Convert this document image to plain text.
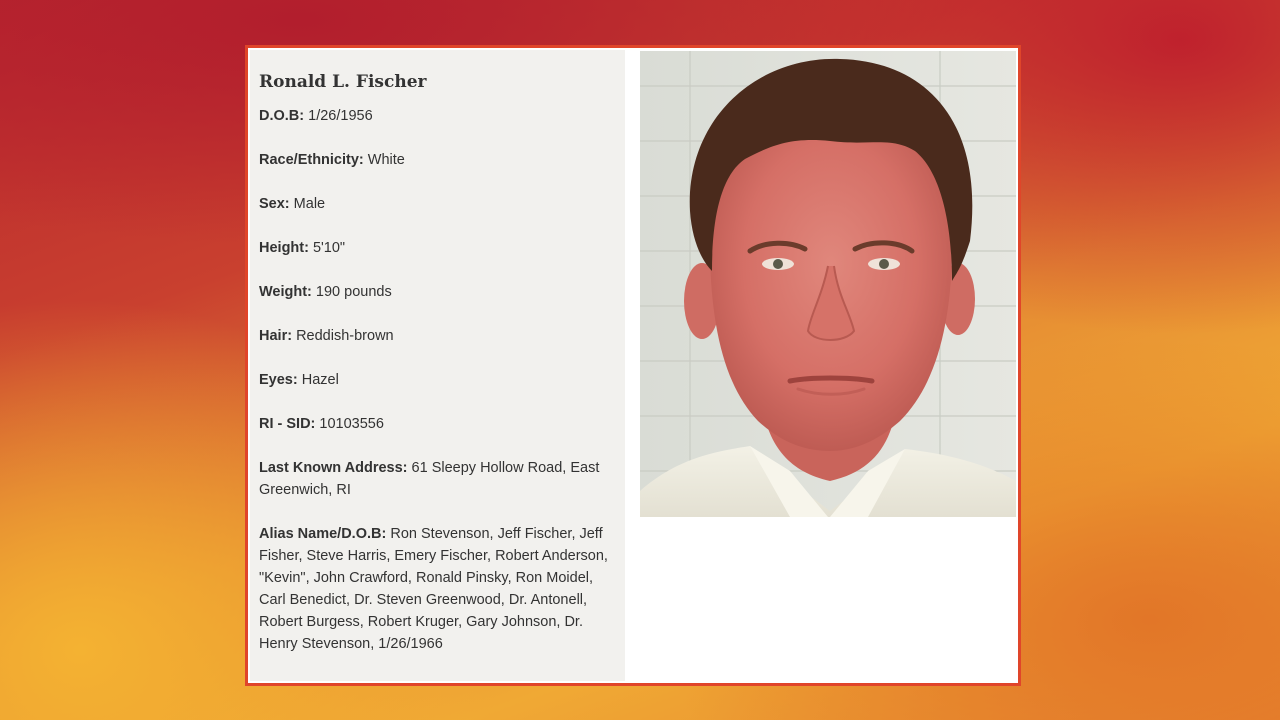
Ronald L. Fischer
D.O.B: 1/26/1956
Race/Ethnicity: White
Sex: Male
Height: 5'10"
Weight: 190 pounds
Hair: Reddish-brown
Eyes: Hazel
RI - SID: 10103556
Last Known Address: 61 Sleepy Hollow Road, East Greenwich, RI
Alias Name/D.O.B: Ron Stevenson, Jeff Fischer, Jeff Fisher, Steve Harris, Emery Fischer, Robert Anderson, "Kevin", John Crawford, Ronald Pinsky, Ron Moidel, Carl Benedict, Dr. Steven Greenwood, Dr. Antonell, Robert Burgess, Robert Kruger, Gary Johnson, Dr. Henry Stevenson, 1/26/1966
